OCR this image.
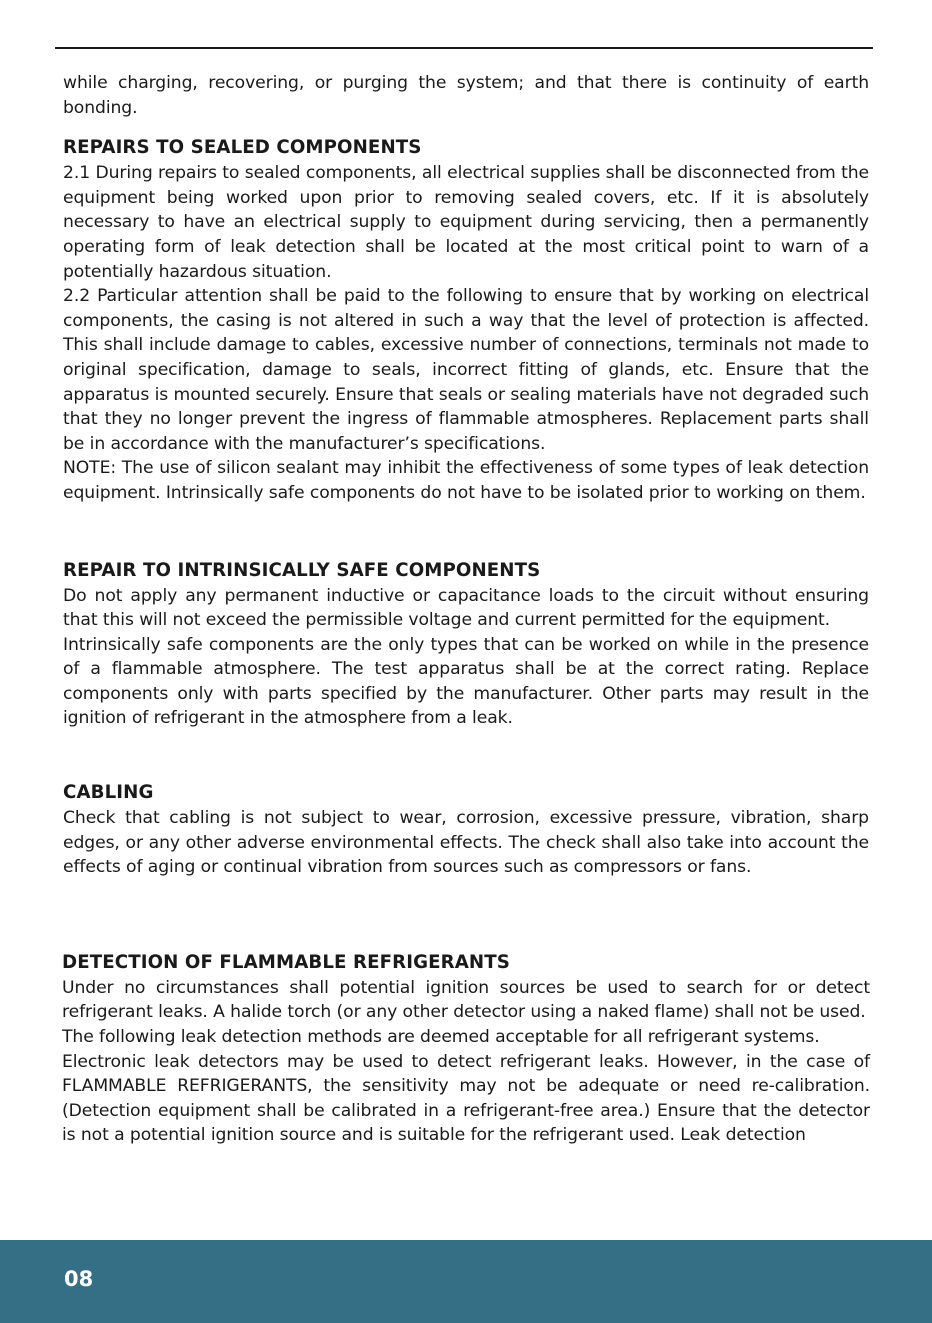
while charging, recovering, or purging the system; and that there is continuity of earth bonding.

REPAIRS TO SEALED COMPONENTS

2.1 During repairs to sealed components, all electrical supplies shall be disconnected from the equipment being worked upon prior to removing sealed covers, etc. If it is absolutely necessary to have an electrical supply to equipment during servicing, then a permanently operating form of leak detection shall be located at the most critical point to warn of a potentially hazardous situation.

2.2 Particular attention shall be paid to the following to ensure that by working on electrical components, the casing is not altered in such a way that the level of protection is affected. This shall include damage to cables, excessive number of connections, terminals not made to original specification, damage to seals, incorrect fitting of glands, etc. Ensure that the apparatus is mounted securely. Ensure that seals or sealing materials have not degraded such that they no longer prevent the ingress of flammable atmospheres. Replacement parts shall be in accordance with the manufacturer’s specifications.

NOTE: The use of silicon sealant may inhibit the effectiveness of some types of leak detection equipment. Intrinsically safe components do not have to be isolated prior to working on them.

REPAIR TO INTRINSICALLY SAFE COMPONENTS

Do not apply any permanent inductive or capacitance loads to the circuit without ensuring that this will not exceed the permissible voltage and current permitted for the equipment.

Intrinsically safe components are the only types that can be worked on while in the presence of a flammable atmosphere. The test apparatus shall be at the correct rating. Replace components only with parts specified by the manufacturer. Other parts may result in the ignition of refrigerant in the atmosphere from a leak.

CABLING

Check that cabling is not subject to wear, corrosion, excessive pressure, vibration, sharp edges, or any other adverse environmental effects. The check shall also take into account the effects of aging or continual vibration from sources such as compressors or fans.

DETECTION OF FLAMMABLE REFRIGERANTS

Under no circumstances shall potential ignition sources be used to search for or detect refrigerant leaks. A halide torch (or any other detector using a naked flame) shall not be used.

The following leak detection methods are deemed acceptable for all refrigerant systems.

Electronic leak detectors may be used to detect refrigerant leaks. However, in the case of FLAMMABLE REFRIGERANTS, the sensitivity may not be adequate or need re-calibration. (Detection equipment shall be calibrated in a refrigerant-free area.) Ensure that the detector is not a potential ignition source and is suitable for the refrigerant used. Leak detection

08
